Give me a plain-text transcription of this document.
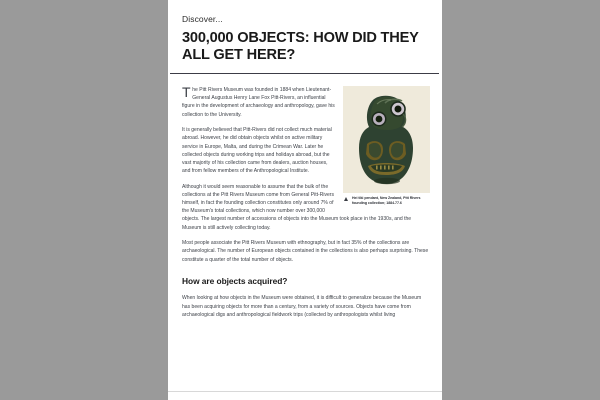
Discover...

300,000 OBJECTS: HOW DID THEY ALL GET HERE?
Hei tiki pendant, New Zealand, Pitt Rivers founding collection; 1884.77.6

The Pitt Rivers Museum was founded in 1884 when Lieutenant-General Augustus Henry Lane Fox Pitt-Rivers, an influential figure in the development of archaeology and anthropology, gave his collection to the University.

It is generally believed that Pitt-Rivers did not collect much material abroad. However, he did obtain objects whilst on active military service in Europe, Malta, and during the Crimean War. Later he collected objects during working trips and holidays abroad, but the vast majority of his collection came from dealers, auction houses, and from fellow members of the Anthropological Institute.

Although it would seem reasonable to assume that the bulk of the collections at the Pitt Rivers Museum come from General Pitt-Rivers himself, in fact the founding collection constitutes only around 7% of the Museum's total collections, which now number over 300,000 objects. The largest number of accessions of objects into the Museum took place in the 1930s, and the Museum is still actively collecting today.

Most people associate the Pitt Rivers Museum with ethnography, but in fact 35% of the collections are archaeological. The number of European objects contained in the collections is also perhaps surprising. These constitute a quarter of the total number of objects.

How are objects acquired?

When looking at how objects in the Museum were obtained, it is difficult to generalize because the Museum has been acquiring objects for more than a century, from a variety of sources. Objects have come from archaeological digs and anthropological fieldwork trips (collected by anthropologists whilst living
